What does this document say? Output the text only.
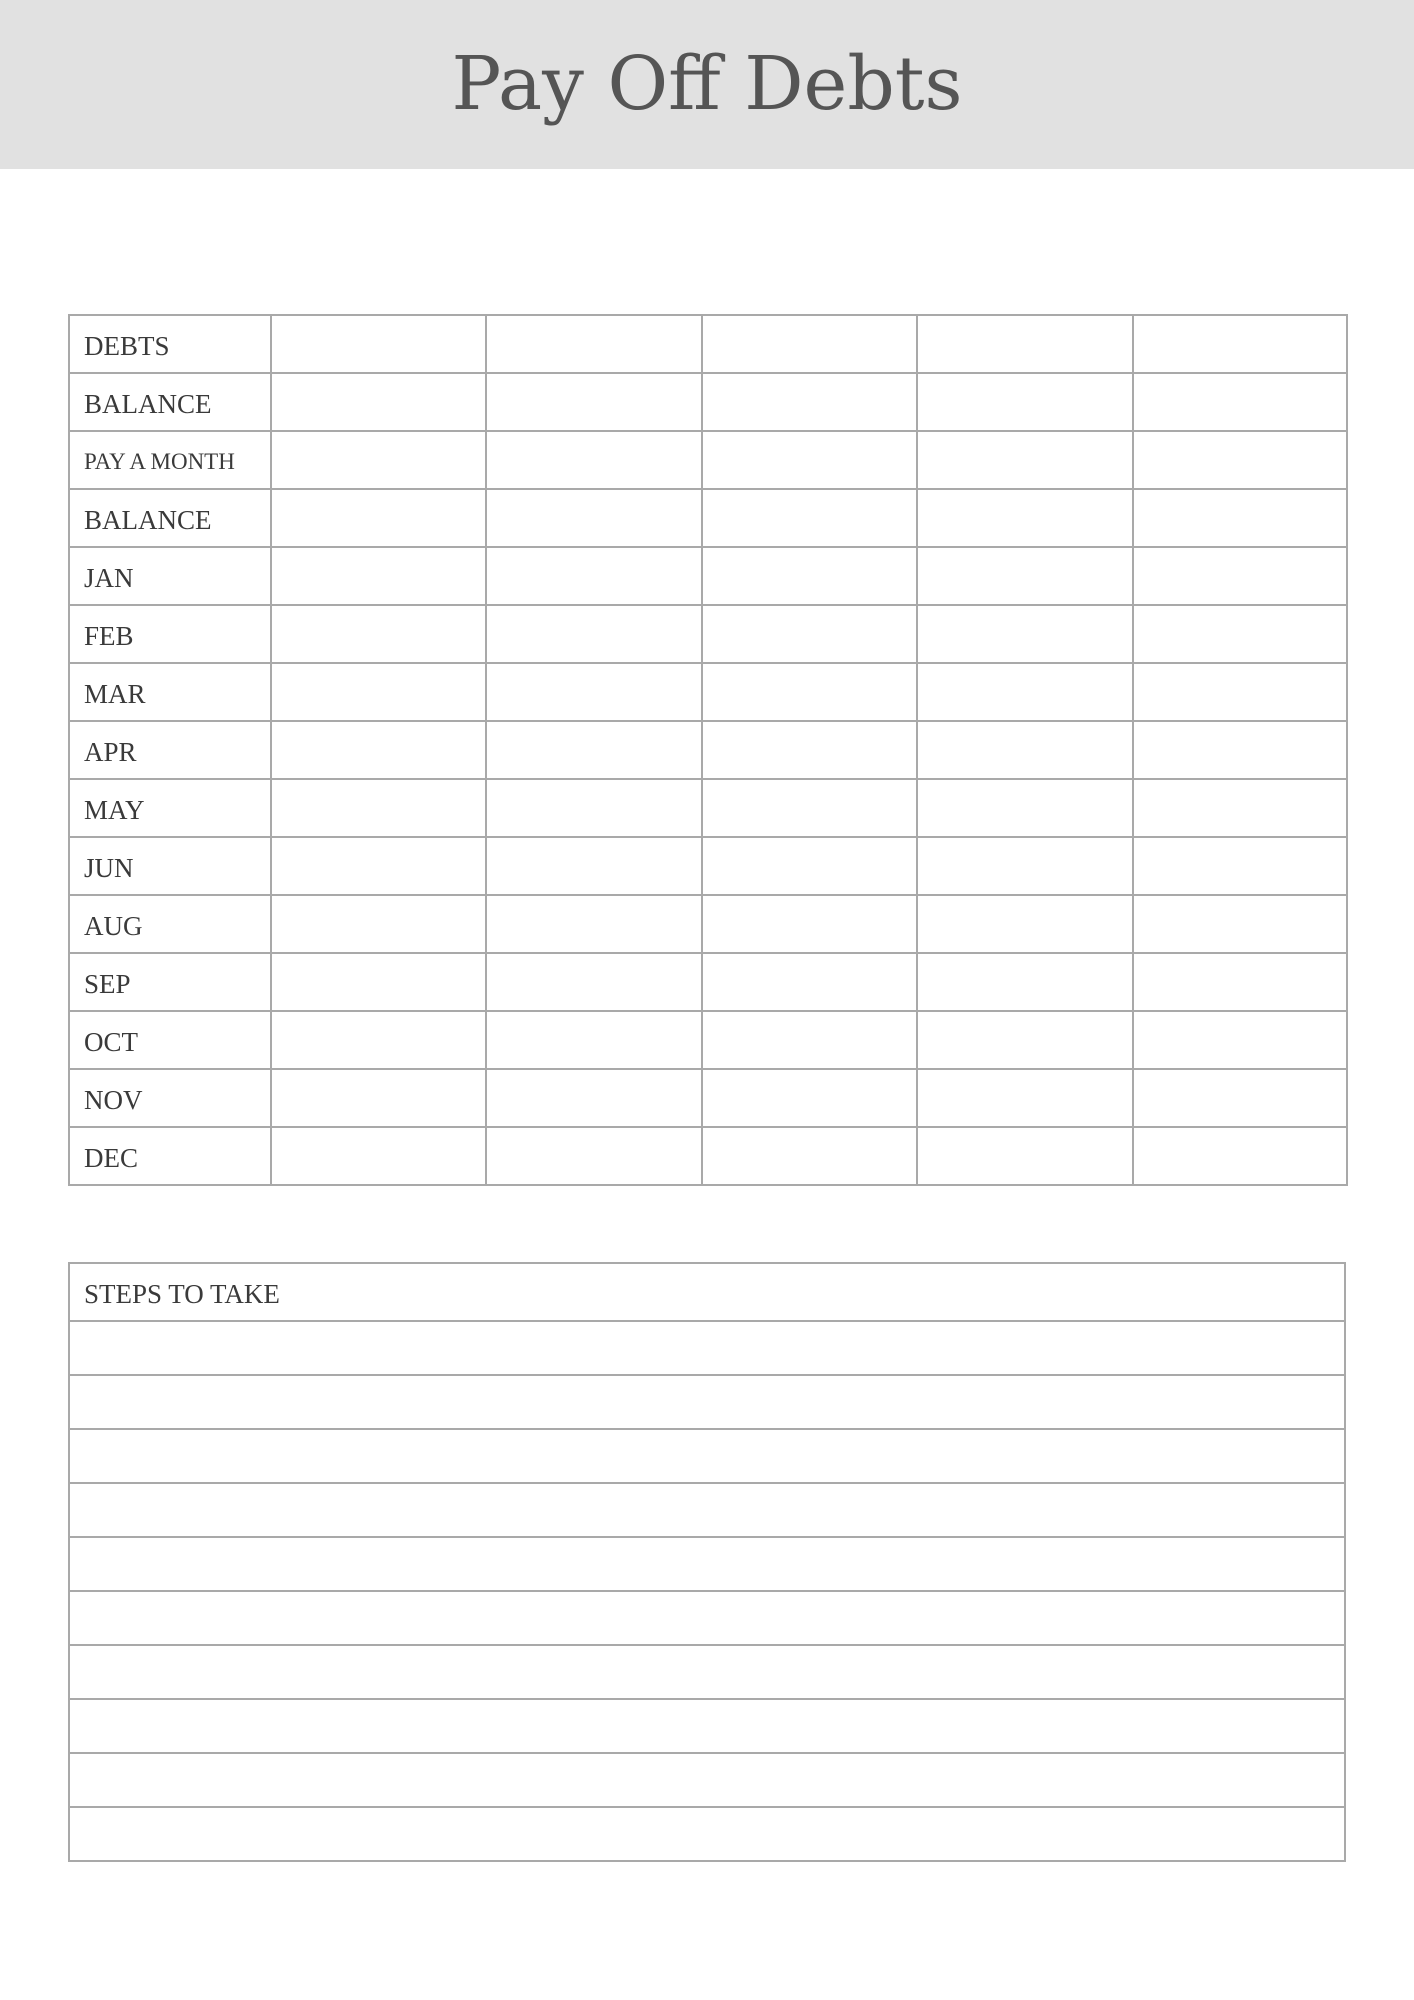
Pay Off Debts
DEBTS					
BALANCE					
PAY A MONTH					
BALANCE					
JAN					
FEB					
MAR					
APR					
MAY					
JUN					
AUG					
SEP					
OCT					
NOV					
DEC					
STEPS TO TAKE
